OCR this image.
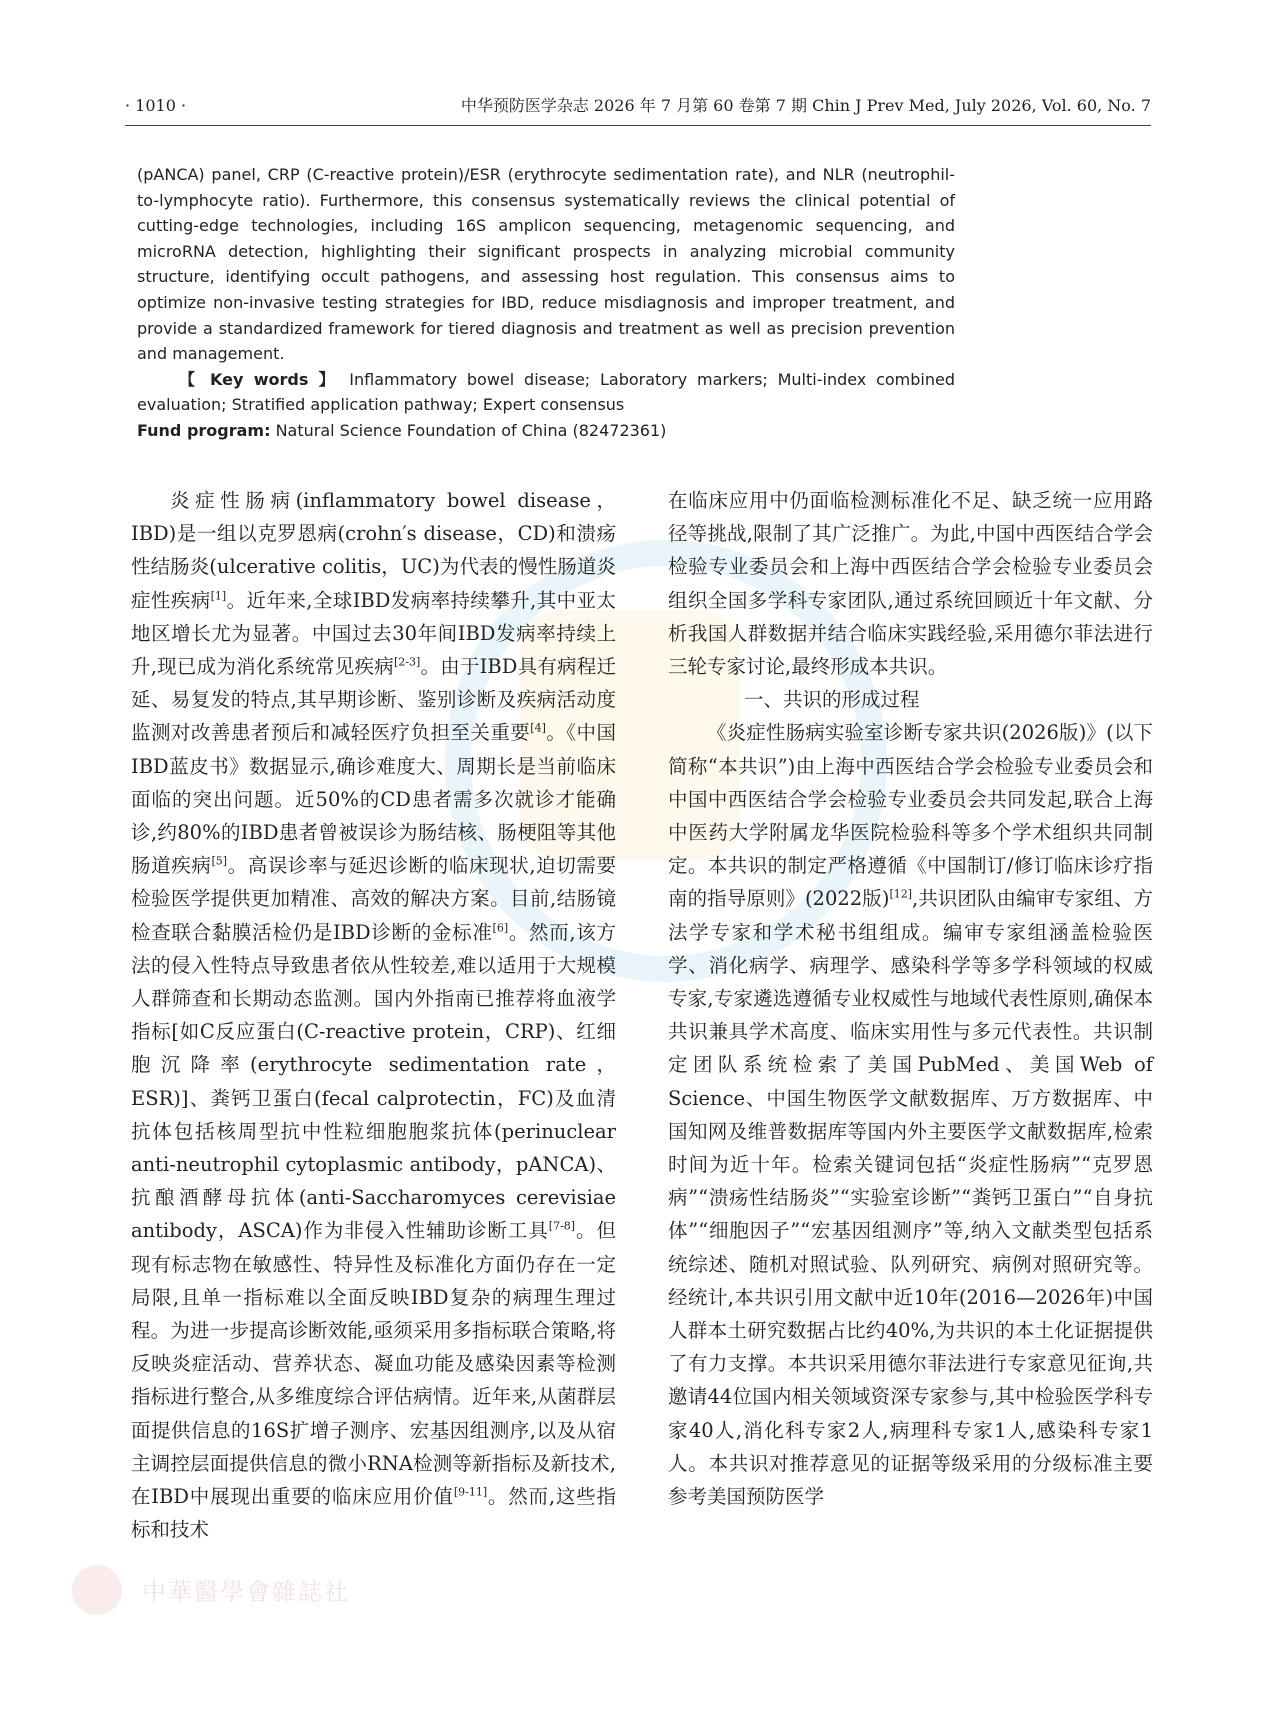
· 1010 ·	中华预防医学杂志 2026 年 7 月第 60 卷第 7 期 Chin J Prev Med, July 2026, Vol. 60, No. 7

(pANCA) panel, CRP (C-reactive protein)/ESR (erythrocyte sedimentation rate), and NLR (neutrophil-to-lymphocyte ratio). Furthermore, this consensus systematically reviews the clinical potential of cutting-edge technologies, including 16S amplicon sequencing, metagenomic sequencing, and microRNA detection, highlighting their significant prospects in analyzing microbial community structure, identifying occult pathogens, and assessing host regulation. This consensus aims to optimize non-invasive testing strategies for IBD, reduce misdiagnosis and improper treatment, and provide a standardized framework for tiered diagnosis and treatment as well as precision prevention and management.

【 Key words 】 Inflammatory bowel disease; Laboratory markers; Multi-index combined evaluation; Stratified application pathway; Expert consensus

Fund program: Natural Science Foundation of China (82472361)

中華醫學會雜誌社

炎症性肠病(inflammatory bowel disease，IBD)是一组以克罗恩病(crohn′s disease，CD)和溃疡性结肠炎(ulcerative colitis，UC)为代表的慢性肠道炎症性疾病[1]。近年来,全球IBD发病率持续攀升,其中亚太地区增长尤为显著。中国过去30年间IBD发病率持续上升,现已成为消化系统常见疾病[2-3]。由于IBD具有病程迁延、易复发的特点,其早期诊断、鉴别诊断及疾病活动度监测对改善患者预后和减轻医疗负担至关重要[4]。《中国IBD蓝皮书》数据显示,确诊难度大、周期长是当前临床面临的突出问题。近50%的CD患者需多次就诊才能确诊,约80%的IBD患者曾被误诊为肠结核、肠梗阻等其他肠道疾病[5]。高误诊率与延迟诊断的临床现状,迫切需要检验医学提供更加精准、高效的解决方案。目前,结肠镜检查联合黏膜活检仍是IBD诊断的金标准[6]。然而,该方法的侵入性特点导致患者依从性较差,难以适用于大规模人群筛查和长期动态监测。国内外指南已推荐将血液学指标[如C反应蛋白(C-reactive protein，CRP)、红细胞沉降率(erythrocyte sedimentation rate，ESR)]、粪钙卫蛋白(fecal calprotectin，FC)及血清抗体包括核周型抗中性粒细胞胞浆抗体(perinuclear anti-neutrophil cytoplasmic antibody，pANCA)、抗酿酒酵母抗体(anti-Saccharomyces cerevisiae antibody，ASCA)作为非侵入性辅助诊断工具[7-8]。但现有标志物在敏感性、特异性及标准化方面仍存在一定局限,且单一指标难以全面反映IBD复杂的病理生理过程。为进一步提高诊断效能,亟须采用多指标联合策略,将反映炎症活动、营养状态、凝血功能及感染因素等检测指标进行整合,从多维度综合评估病情。近年来,从菌群层面提供信息的16S扩增子测序、宏基因组测序,以及从宿主调控层面提供信息的微小RNA检测等新指标及新技术,在IBD中展现出重要的临床应用价值[9-11]。然而,这些指标和技术

在临床应用中仍面临检测标准化不足、缺乏统一应用路径等挑战,限制了其广泛推广。为此,中国中西医结合学会检验专业委员会和上海中西医结合学会检验专业委员会组织全国多学科专家团队,通过系统回顾近十年文献、分析我国人群数据并结合临床实践经验,采用德尔菲法进行三轮专家讨论,最终形成本共识。

一、共识的形成过程

《炎症性肠病实验室诊断专家共识(2026版)》(以下简称“本共识”)由上海中西医结合学会检验专业委员会和中国中西医结合学会检验专业委员会共同发起,联合上海中医药大学附属龙华医院检验科等多个学术组织共同制定。本共识的制定严格遵循《中国制订/修订临床诊疗指南的指导原则》(2022版)[12],共识团队由编审专家组、方法学专家和学术秘书组组成。编审专家组涵盖检验医学、消化病学、病理学、感染科学等多学科领域的权威专家,专家遴选遵循专业权威性与地域代表性原则,确保本共识兼具学术高度、临床实用性与多元代表性。共识制定团队系统检索了美国PubMed、美国Web of Science、中国生物医学文献数据库、万方数据库、中国知网及维普数据库等国内外主要医学文献数据库,检索时间为近十年。检索关键词包括“炎症性肠病”“克罗恩病”“溃疡性结肠炎”“实验室诊断”“粪钙卫蛋白”“自身抗体”“细胞因子”“宏基因组测序”等,纳入文献类型包括系统综述、随机对照试验、队列研究、病例对照研究等。经统计,本共识引用文献中近10年(2016—2026年)中国人群本土研究数据占比约40%,为共识的本土化证据提供了有力支撑。本共识采用德尔菲法进行专家意见征询,共邀请44位国内相关领域资深专家参与,其中检验医学科专家40人,消化科专家2人,病理科专家1人,感染科专家1人。本共识对推荐意见的证据等级采用的分级标准主要参考美国预防医学
